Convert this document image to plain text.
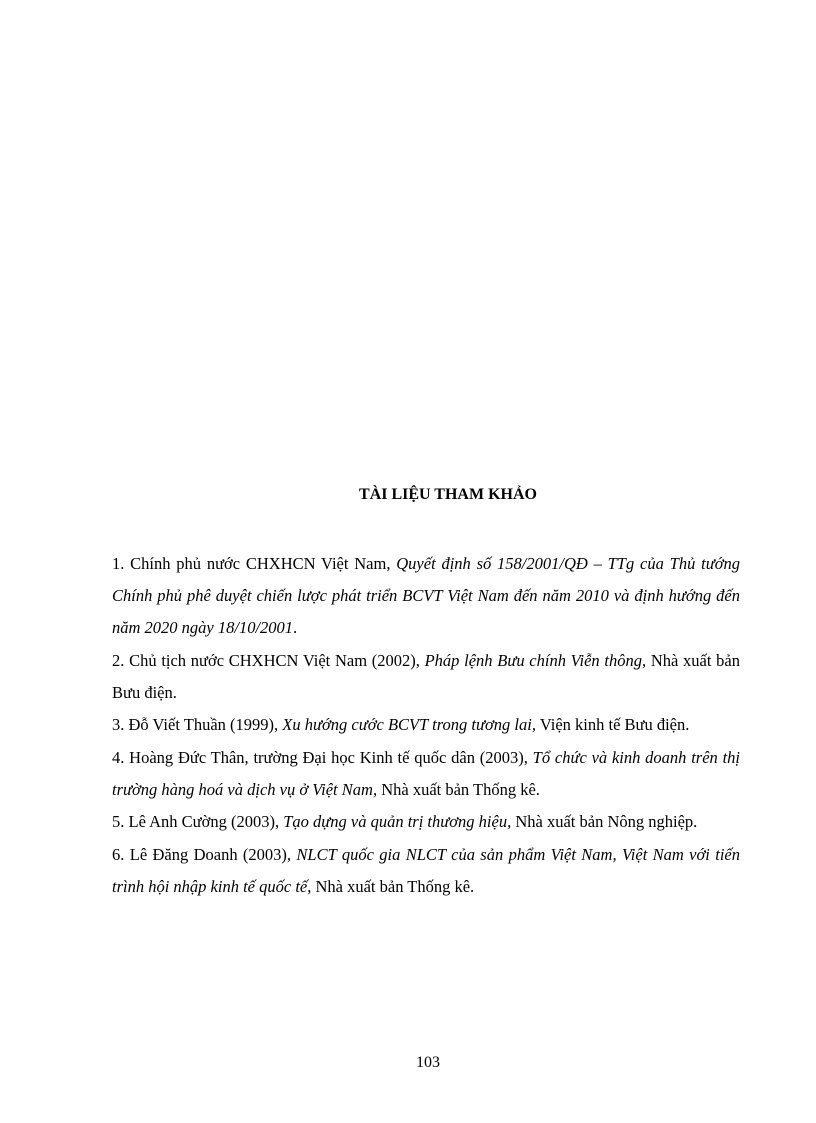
TÀI LIỆU THAM KHẢO
1. Chính phủ nước CHXHCN Việt Nam, Quyết định số 158/2001/QĐ – TTg của Thủ tướng Chính phủ phê duyệt chiến lược phát triển BCVT Việt Nam đến năm 2010 và định hướng đến năm 2020 ngày 18/10/2001.
2. Chủ tịch nước CHXHCN Việt Nam (2002), Pháp lệnh Bưu chính Viễn thông, Nhà xuất bản Bưu điện.
3. Đỗ Viết Thuần (1999), Xu hướng cước BCVT trong tương lai, Viện kinh tế Bưu điện.
4. Hoàng Đức Thân, trường Đại học Kinh tế quốc dân (2003), Tổ chức và kinh doanh trên thị trường hàng hoá và dịch vụ ở Việt Nam, Nhà xuất bản Thống kê.
5. Lê Anh Cường (2003), Tạo dựng và quản trị thương hiệu, Nhà xuất bản Nông nghiệp.
6. Lê Đăng Doanh (2003), NLCT quốc gia NLCT của sản phẩm Việt Nam, Việt Nam với tiến trình hội nhập kinh tế quốc tế, Nhà xuất bản Thống kê.
103
